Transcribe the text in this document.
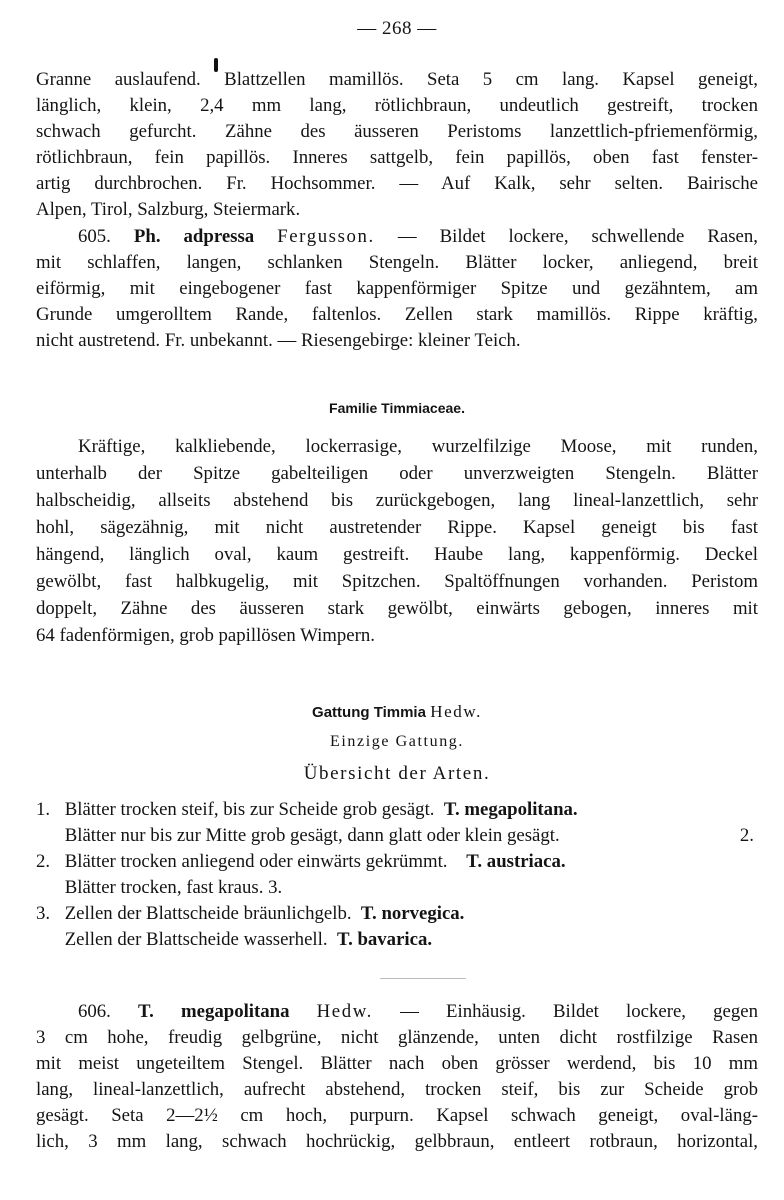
— 268 —
Granne auslaufend. Blattzellen mamillös. Seta 5 cm lang. Kapsel geneigt,
länglich, klein, 2,4 mm lang, rötlichbraun, undeutlich gestreift, trocken
schwach gefurcht. Zähne des äusseren Peristoms lanzettlich-pfriemenförmig,
rötlichbraun, fein papillös. Inneres sattgelb, fein papillös, oben fast fenster-
artig durchbrochen. Fr. Hochsommer. — Auf Kalk, sehr selten. Bairische
Alpen, Tirol, Salzburg, Steiermark.
605. Ph. adpressa Fergusson. — Bildet lockere, schwellende Rasen,
mit schlaffen, langen, schlanken Stengeln. Blätter locker, anliegend, breit
eiförmig, mit eingebogener fast kappenförmiger Spitze und gezähntem, am
Grunde umgerolltem Rande, faltenlos. Zellen stark mamillös. Rippe kräftig,
nicht austretend. Fr. unbekannt. — Riesengebirge: kleiner Teich.
Familie Timmiaceae.
Kräftige, kalkliebende, lockerrasige, wurzelfilzige Moose, mit runden,
unterhalb der Spitze gabelteiligen oder unverzweigten Stengeln. Blätter
halbscheidig, allseits abstehend bis zurückgebogen, lang lineal-lanzettlich, sehr
hohl, sägezähnig, mit nicht austretender Rippe. Kapsel geneigt bis fast
hängend, länglich oval, kaum gestreift. Haube lang, kappenförmig. Deckel
gewölbt, fast halbkugelig, mit Spitzchen. Spaltöffnungen vorhanden. Peristom
doppelt, Zähne des äusseren stark gewölbt, einwärts gebogen, inneres mit
64 fadenförmigen, grob papillösen Wimpern.
Gattung Timmia Hedw.
Einzige Gattung.
Übersicht der Arten.
1. Blätter trocken steif, bis zur Scheide grob gesägt. T. megapolitana.
Blätter nur bis zur Mitte grob gesägt, dann glatt oder klein gesägt.	2.
2. Blätter trocken anliegend oder einwärts gekrümmt. T. austriaca.
Blätter trocken, fast kraus. 3.
3. Zellen der Blattscheide bräunlichgelb. T. norvegica.
Zellen der Blattscheide wasserhell. T. bavarica.
606. T. megapolitana Hedw. — Einhäusig. Bildet lockere, gegen
3 cm hohe, freudig gelbgrüne, nicht glänzende, unten dicht rostfilzige Rasen
mit meist ungeteiltem Stengel. Blätter nach oben grösser werdend, bis 10 mm
lang, lineal-lanzettlich, aufrecht abstehend, trocken steif, bis zur Scheide grob
gesägt. Seta 2—2½ cm hoch, purpurn. Kapsel schwach geneigt, oval-läng-
lich, 3 mm lang, schwach hochrückig, gelbbraun, entleert rotbraun, horizontal,
